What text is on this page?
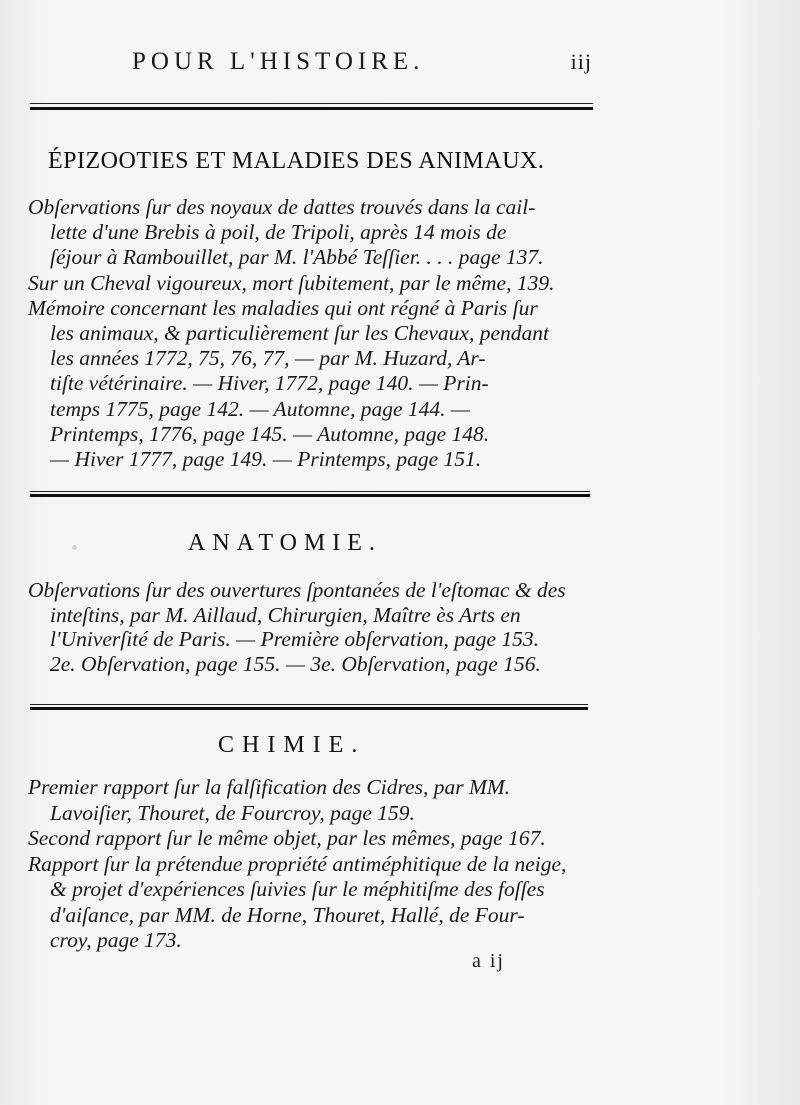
POUR L'HISTOIRE.	iij
ÉPIZOOTIES ET MALADIES DES ANIMAUX.
Obſervations ſur des noyaux de dattes trouvés dans la cail-
lette d'une Brebis à poil, de Tripoli, après 14 mois de
ſéjour à Rambouillet, par M. l'Abbé Teſſier. . . . page 137.
Sur un Cheval vigoureux, mort ſubitement, par le même, 139.
Mémoire concernant les maladies qui ont régné à Paris ſur
les animaux, & particulièrement ſur les Chevaux, pendant
les années 1772, 75, 76, 77, — par M. Huzard, Ar-
tiſte vétérinaire. — Hiver, 1772, page 140. — Prin-
temps 1775, page 142. — Automne, page 144. —
Printemps, 1776, page 145. — Automne, page 148.
— Hiver 1777, page 149. — Printemps, page 151.
ANATOMIE.
Obſervations ſur des ouvertures ſpontanées de l'eſtomac & des
inteſtins, par M. Aillaud, Chirurgien, Maître ès Arts en
l'Univerſité de Paris. — Première obſervation, page 153.
2e. Obſervation, page 155. — 3e. Obſervation, page 156.
CHIMIE.
Premier rapport ſur la falſification des Cidres, par MM.
Lavoiſier, Thouret, de Fourcroy, page 159.
Second rapport ſur le même objet, par les mêmes, page 167.
Rapport ſur la prétendue propriété antiméphitique de la neige,
& projet d'expériences ſuivies ſur le méphitiſme des foſſes
d'aiſance, par MM. de Horne, Thouret, Hallé, de Four-
croy, page 173.
a ij
